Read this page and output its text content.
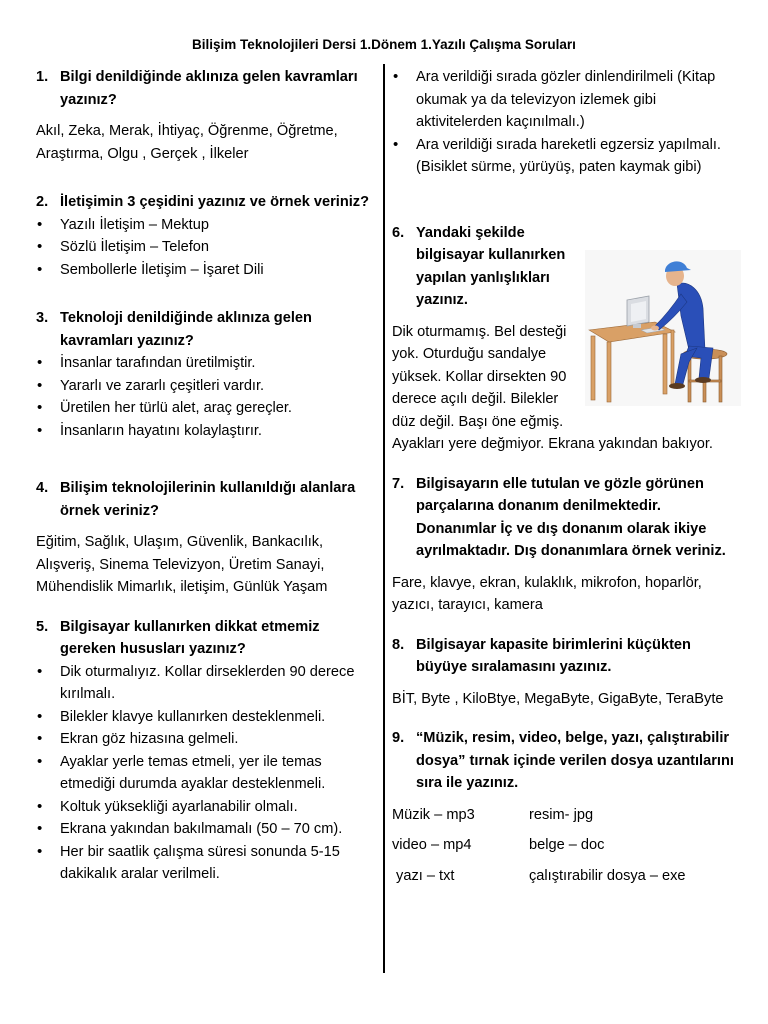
Bilişim Teknolojileri Dersi 1.Dönem 1.Yazılı Çalışma Soruları
1. Bilgi denildiğinde aklınıza gelen kavramları yazınız?

Akıl, Zeka, Merak, İhtiyaç, Öğrenme, Öğretme, Araştırma, Olgu , Gerçek , İlkeler

2. İletişimin 3 çeşidini yazınız ve örnek veriniz?
• Yazılı İletişim – Mektup
• Sözlü İletişim – Telefon
• Sembollerle İletişim – İşaret Dili
3. Teknoloji denildiğinde aklınıza gelen kavramları yazınız?
• İnsanlar tarafından üretilmiştir.
• Yararlı ve zararlı çeşitleri vardır.
• Üretilen her türlü alet, araç gereçler.
• İnsanların hayatını kolaylaştırır.
4. Bilişim teknolojilerinin kullanıldığı alanlara örnek veriniz?

Eğitim, Sağlık, Ulaşım, Güvenlik, Bankacılık, Alışveriş, Sinema Televizyon, Üretim Sanayi, Mühendislik Mimarlık, iletişim, Günlük Yaşam

5. Bilgisayar kullanırken dikkat etmemiz gereken hususları yazınız?
• Dik oturmalıyız. Kollar dirseklerden 90 derece kırılmalı.
• Bilekler klavye kullanırken desteklenmeli.
• Ekran göz hizasına gelmeli.
• Ayaklar yerle temas etmeli, yer ile temas etmediği durumda ayaklar desteklenmeli.
• Koltuk yüksekliği ayarlanabilir olmalı.
• Ekrana yakından bakılmamalı (50 – 70 cm).
• Her bir saatlik çalışma süresi sonunda 5-15 dakikalık aralar verilmeli.
• Ara verildiği sırada gözler dinlendirilmeli (Kitap okumak ya da televizyon izlemek gibi aktivitelerden kaçınılmalı.)
• Ara verildiği sırada hareketli egzersiz yapılmalı. (Bisiklet sürme, yürüyüş, paten kaymak gibi)
6. Yandaki şekilde bilgisayar kullanırken yapılan yanlışlıkları yazınız.

Dik oturmamış. Bel desteği yok. Oturduğu sandalye yüksek. Kollar dirsekten 90 derece açılı değil. Bilekler düz değil. Başı öne eğmiş.

Ayakları yere değmiyor. Ekrana yakından bakıyor.

7. Bilgisayarın elle tutulan ve gözle görünen parçalarına donanım denilmektedir. Donanımlar İç ve dış donanım olarak ikiye ayrılmaktadır. Dış donanımlara örnek veriniz.

Fare, klavye, ekran, kulaklık, mikrofon, hoparlör, yazıcı, tarayıcı, kamera

8. Bilgisayar kapasite birimlerini küçükten büyüye sıralamasını yazınız.

BİT, Byte , KiloBtye, MegaByte, GigaByte, TeraByte

9. “Müzik, resim, video, belge, yazı, çalıştırabilir dosya” tırnak içinde verilen dosya uzantılarını sıra ile yazınız.
Müzik – mp3	resim- jpg
video – mp4	belge – doc
yazı – txt	çalıştırabilir dosya – exe
